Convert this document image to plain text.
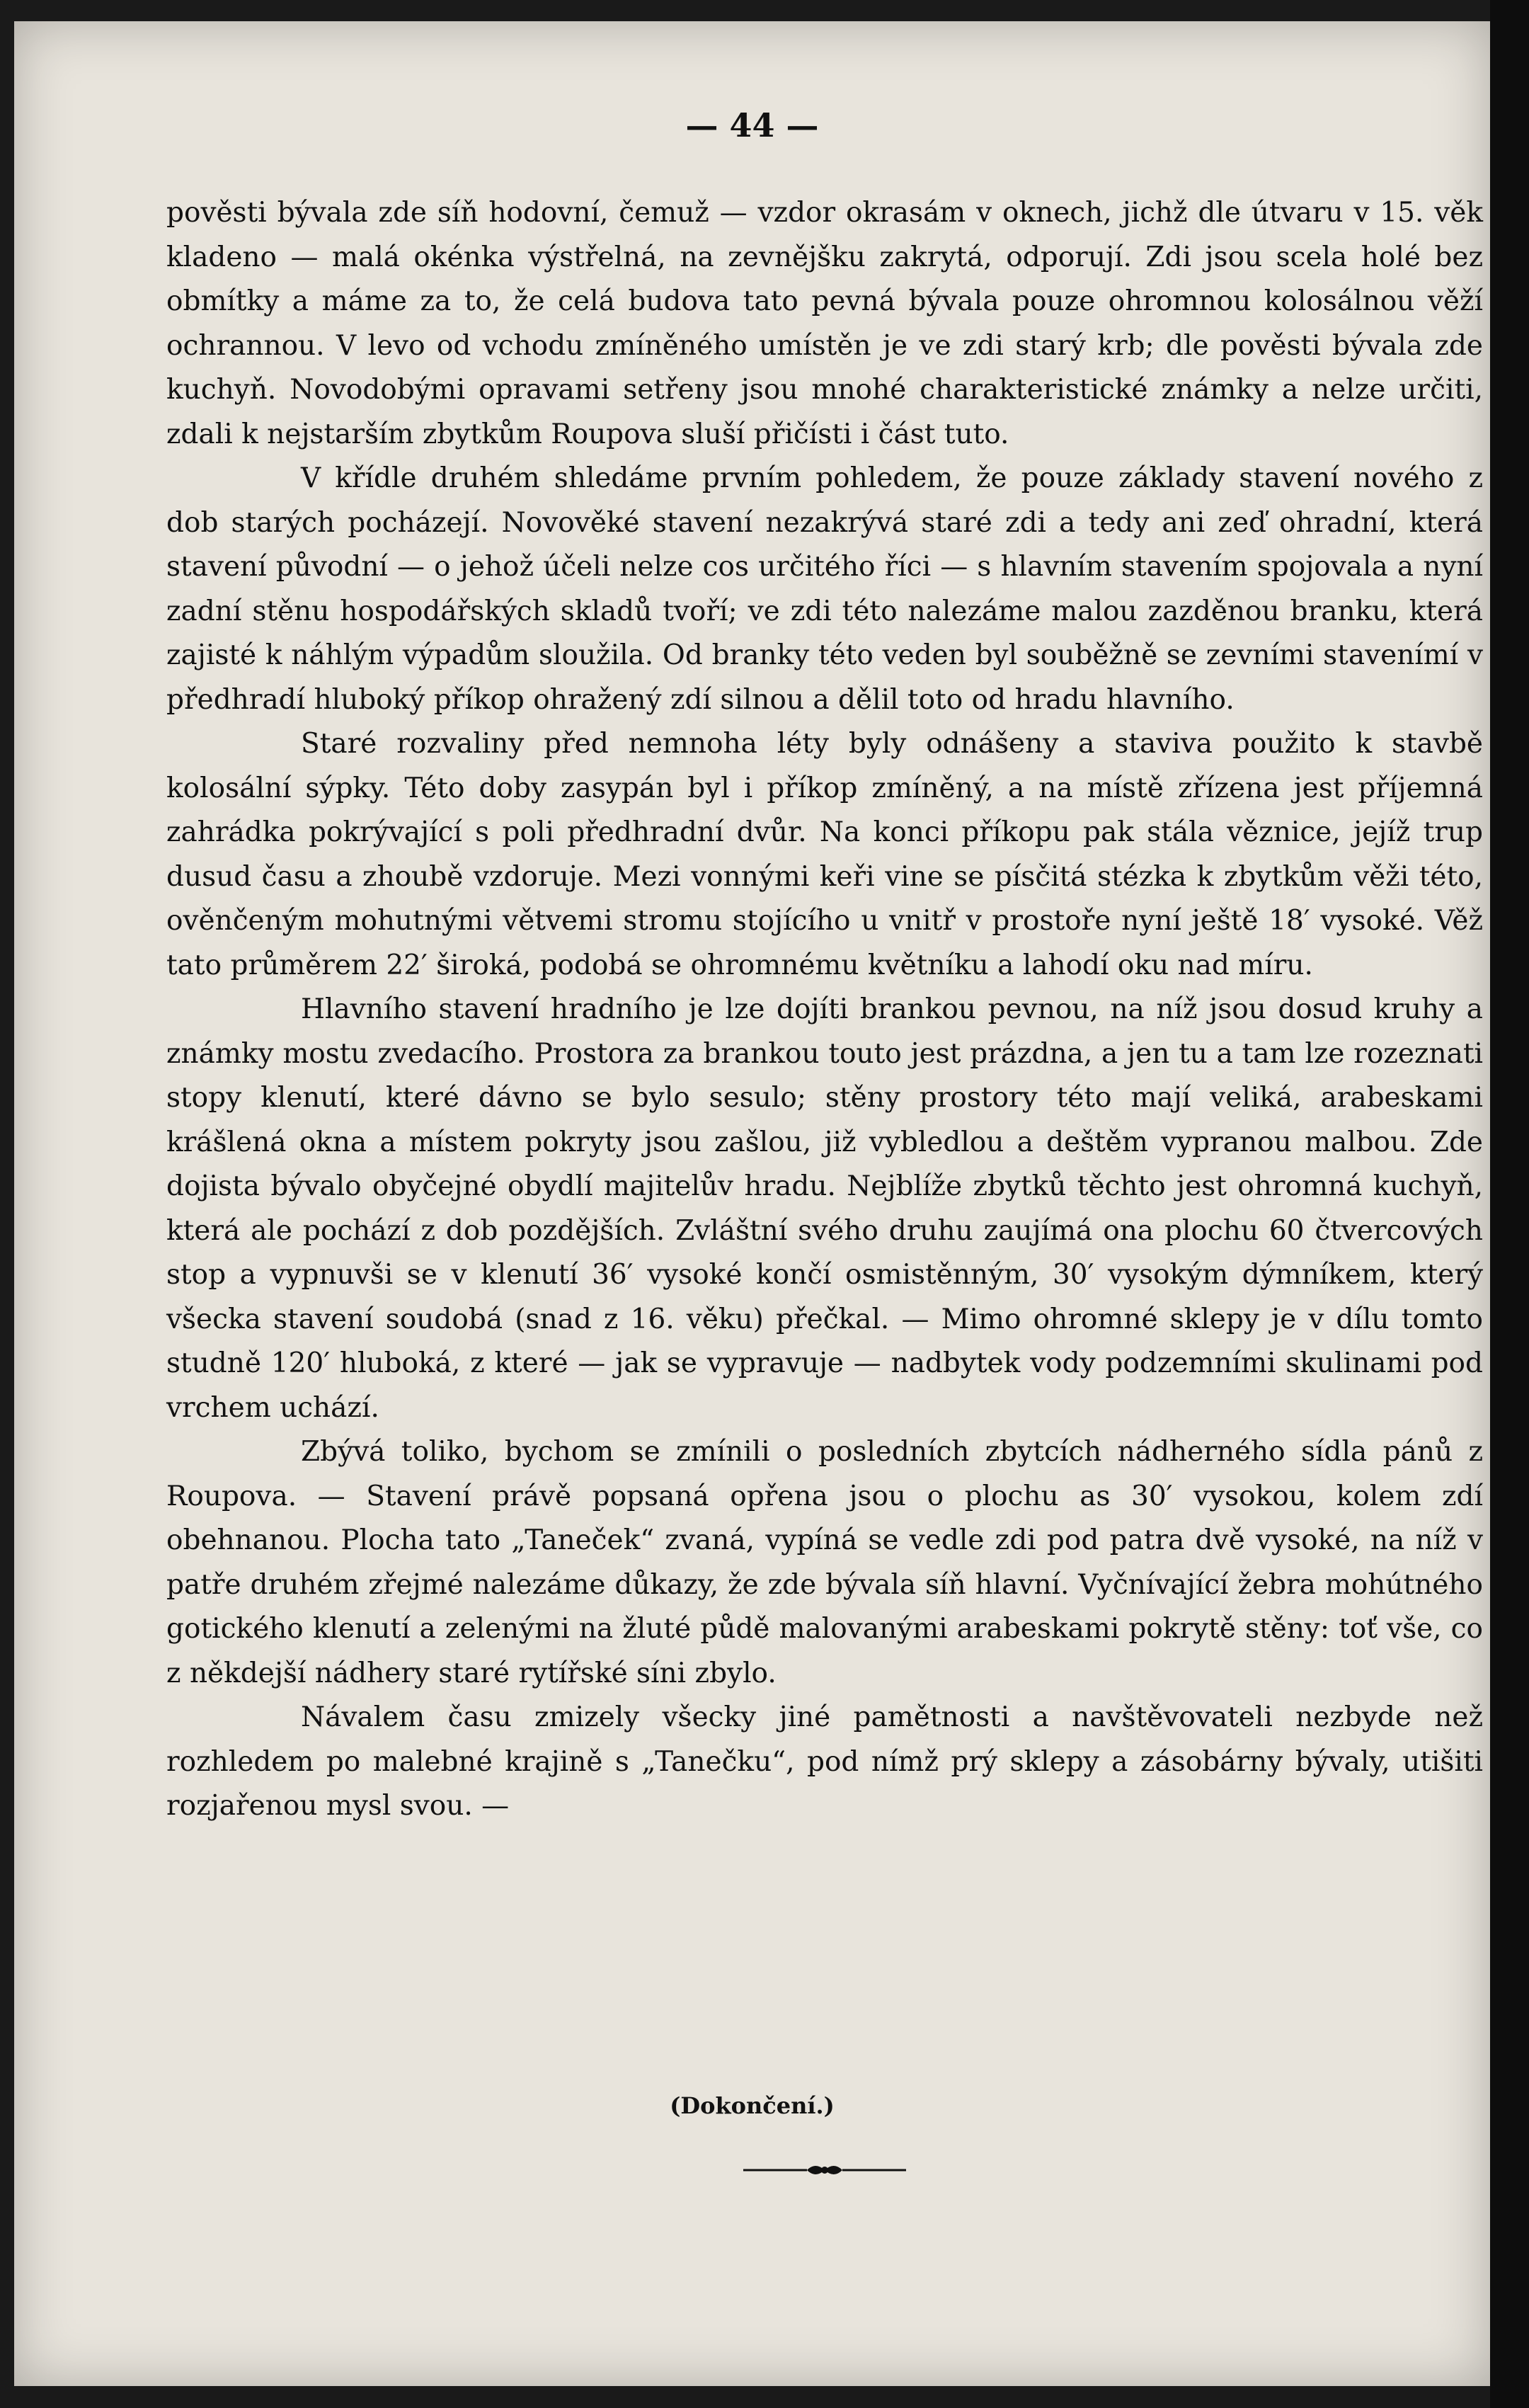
— 44 —

pověsti bývala zde síň hodovní, čemuž — vzdor okrasám v oknech, jichž dle útvaru v 15. věk kladeno — malá okénka výstřelná, na zevnějšku zakrytá, odporují. Zdi jsou scela holé bez obmítky a máme za to, že celá budova tato pevná bývala pouze ohromnou kolosálnou věží ochrannou. V levo od vchodu zmíněného umístěn je ve zdi starý krb; dle pověsti bývala zde kuchyň. Novodobými opravami setřeny jsou mnohé charakteristické známky a nelze určiti, zdali k nejstarším zbytkům Roupova sluší přičísti i část tuto.

V křídle druhém shledáme prvním pohledem, že pouze základy stavení nového z dob starých pocházejí. Novověké stavení nezakrývá staré zdi a tedy ani zeď ohradní, která stavení původní — o jehož účeli nelze cos určitého říci — s hlavním stavením spojovala a nyní zadní stěnu hospodářských skladů tvoří; ve zdi této nalezáme malou zazděnou branku, která zajisté k náhlým výpadům sloužila. Od branky této veden byl souběžně se zevními stavenímí v předhradí hluboký příkop ohražený zdí silnou a dělil toto od hradu hlavního.

Staré rozvaliny před nemnoha léty byly odnášeny a staviva použito k stavbě kolosální sýpky. Této doby zasypán byl i příkop zmíněný, a na místě zřízena jest příjemná zahrádka pokrývající s poli předhradní dvůr. Na konci příkopu pak stála věznice, jejíž trup dusud času a zhoubě vzdoruje. Mezi vonnými keři vine se písčitá stézka k zbytkům věži této, ověnčeným mohutnými větvemi stromu stojícího u vnitř v prostoře nyní ještě 18′ vysoké. Věž tato průměrem 22′ široká, podobá se ohromnému květníku a lahodí oku nad míru.

Hlavního stavení hradního je lze dojíti brankou pevnou, na níž jsou dosud kruhy a známky mostu zvedacího. Prostora za brankou touto jest prázdna, a jen tu a tam lze rozeznati stopy klenutí, které dávno se bylo sesulo; stěny prostory této mají veliká, arabeskami krášlená okna a místem pokryty jsou zašlou, již vybledlou a deštěm vypranou malbou. Zde dojista bývalo obyčejné obydlí majitelův hradu. Nejblíže zbytků těchto jest ohromná kuchyň, která ale pochází z dob pozdějších. Zvláštní svého druhu zaujímá ona plochu 60 čtvercových stop a vypnuvši se v klenutí 36′ vysoké končí osmistěnným, 30′ vysokým dýmníkem, který všecka stavení soudobá (snad z 16. věku) přečkal. — Mimo ohromné sklepy je v dílu tomto studně 120′ hluboká, z které — jak se vypravuje — nadbytek vody podzemními skulinami pod vrchem uchází.

Zbývá toliko, bychom se zmínili o posledních zbytcích nádherného sídla pánů z Roupova. — Stavení právě popsaná opřena jsou o plochu as 30′ vysokou, kolem zdí obehnanou. Plocha tato „Taneček“ zvaná, vypíná se vedle zdi pod patra dvě vysoké, na níž v patře druhém zřejmé nalezáme důkazy, že zde bývala síň hlavní. Vyčnívající žebra mohútného gotického klenutí a zelenými na žluté půdě malovanými arabeskami pokrytě stěny: toť vše, co z někdejší nádhery staré rytířské síni zbylo.

Návalem času zmizely všecky jiné pamětnosti a navštěvovateli nezbyde než rozhledem po malebné krajině s „Tanečku“, pod nímž prý sklepy a zásobárny bývaly, utišiti rozjařenou mysl svou. —

(Dokončení.)
